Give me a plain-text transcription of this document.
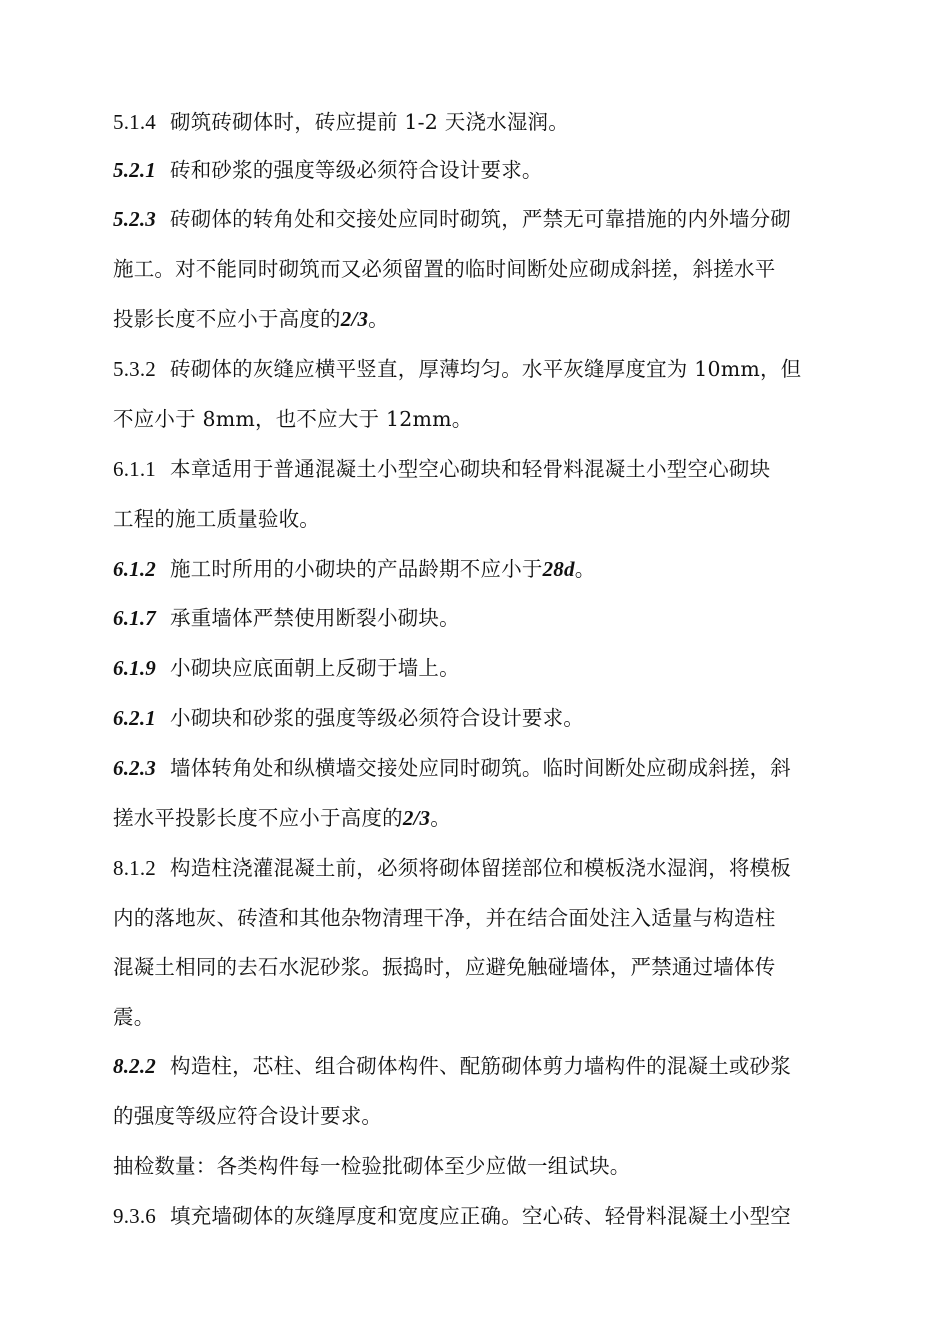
5.1.4 砌筑砖砌体时，砖应提前 1-2 天浇水湿润。
5.2.1 砖和砂浆的强度等级必须符合设计要求。
5.2.3 砖砌体的转角处和交接处应同时砌筑，严禁无可靠措施的内外墙分砌
施工。对不能同时砌筑而又必须留置的临时间断处应砌成斜搓，斜搓水平
投影长度不应小于高度的2/3。
5.3.2 砖砌体的灰缝应横平竖直，厚薄均匀。水平灰缝厚度宜为 10mm，但
不应小于 8mm，也不应大于 12mm。
6.1.1 本章适用于普通混凝土小型空心砌块和轻骨料混凝土小型空心砌块
工程的施工质量验收。
6.1.2 施工时所用的小砌块的产品龄期不应小于28d。
6.1.7 承重墙体严禁使用断裂小砌块。
6.1.9 小砌块应底面朝上反砌于墙上。
6.2.1 小砌块和砂浆的强度等级必须符合设计要求。
6.2.3 墙体转角处和纵横墙交接处应同时砌筑。临时间断处应砌成斜搓，斜
搓水平投影长度不应小于高度的2/3。
8.1.2 构造柱浇灌混凝土前，必须将砌体留搓部位和模板浇水湿润，将模板
内的落地灰、砖渣和其他杂物清理干净，并在结合面处注入适量与构造柱
混凝土相同的去石水泥砂浆。振捣时，应避免触碰墙体，严禁通过墙体传
震。
8.2.2 构造柱，芯柱、组合砌体构件、配筋砌体剪力墙构件的混凝土或砂浆
的强度等级应符合设计要求。
抽检数量：各类构件每一检验批砌体至少应做一组试块。
9.3.6 填充墙砌体的灰缝厚度和宽度应正确。空心砖、轻骨料混凝土小型空
